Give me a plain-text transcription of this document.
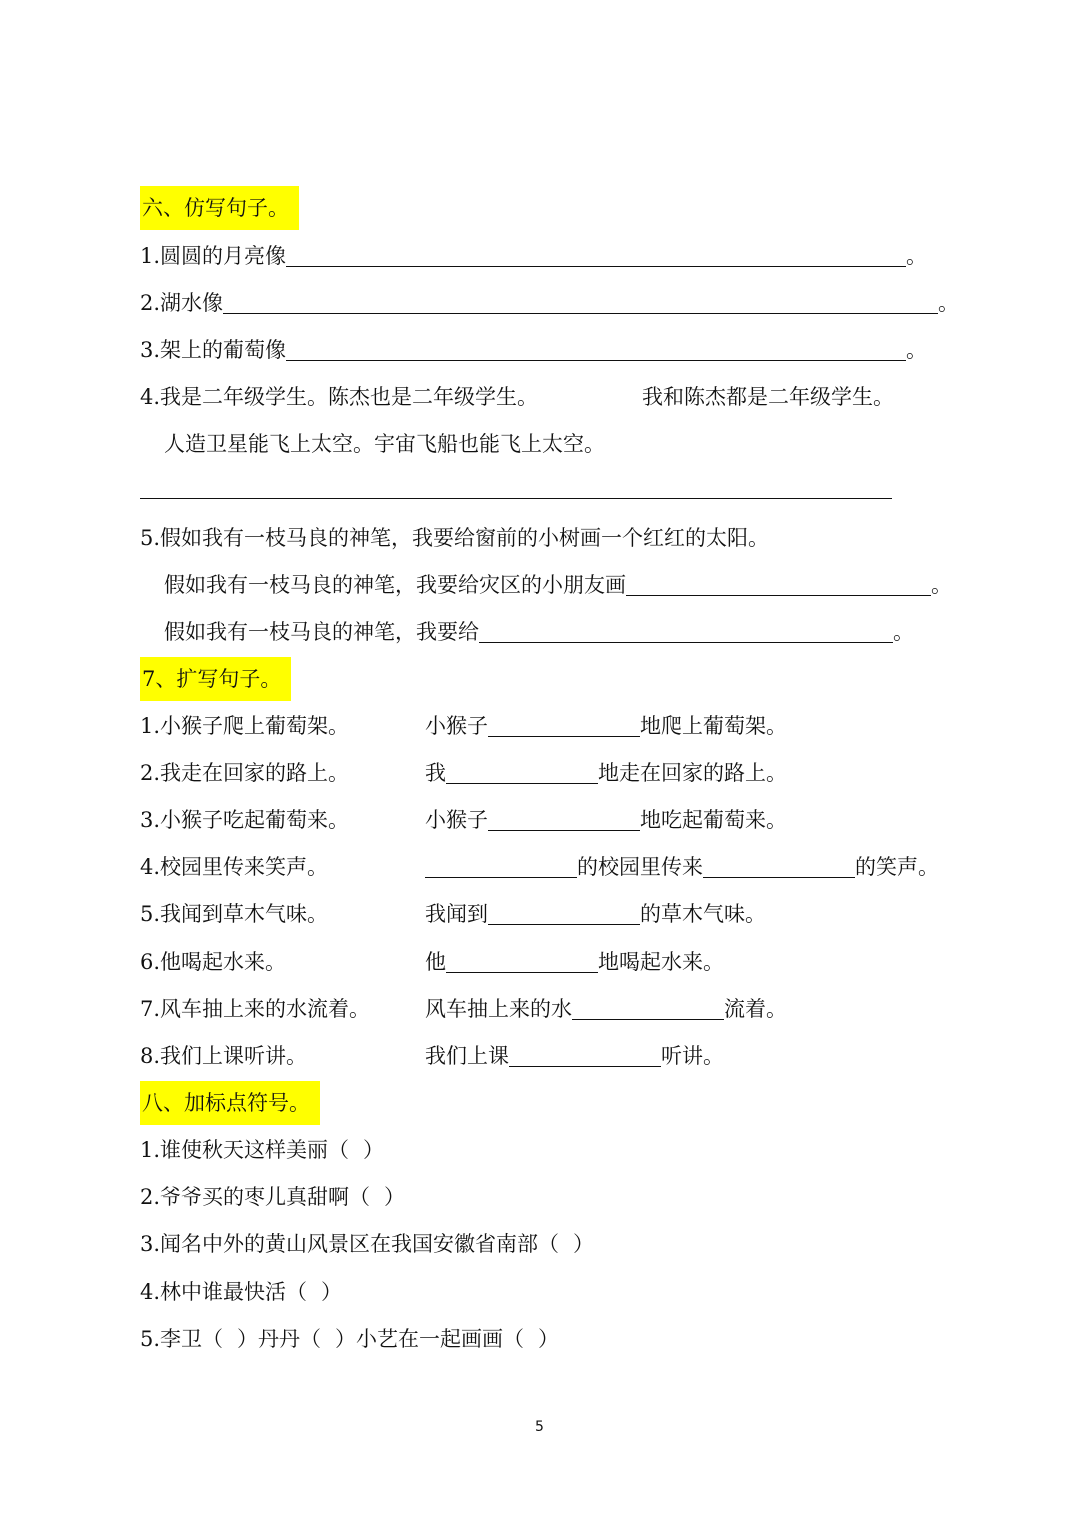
六、仿写句子。
1.圆圆的月亮像	。
2.湖水像	。
3.架上的葡萄像	。
4.我是二年级学生。陈杰也是二年级学生。	我和陈杰都是二年级学生。
人造卫星能飞上太空。宇宙飞船也能飞上太空。
5.假如我有一枝马良的神笔，我要给窗前的小树画一个红红的太阳。
假如我有一枝马良的神笔，我要给灾区的小朋友画	。
假如我有一枝马良的神笔，我要给	。
7、扩写句子。
1.小猴子爬上葡萄架。	小猴子	地爬上葡萄架。
2.我走在回家的路上。	我	地走在回家的路上。
3.小猴子吃起葡萄来。	小猴子	地吃起葡萄来。
4.校园里传来笑声。	的校园里传来	的笑声。
5.我闻到草木气味。	我闻到	的草木气味。
6.他喝起水来。	他	地喝起水来。
7.风车抽上来的水流着。	风车抽上来的水	流着。
8.我们上课听讲。	我们上课	听讲。
八、加标点符号。
1.谁使秋天这样美丽（ ）
2.爷爷买的枣儿真甜啊（ ）
3.闻名中外的黄山风景区在我国安徽省南部（ ）
4.林中谁最快活（ ）
5.李卫（ ）丹丹（ ）小艺在一起画画（ ）
5
